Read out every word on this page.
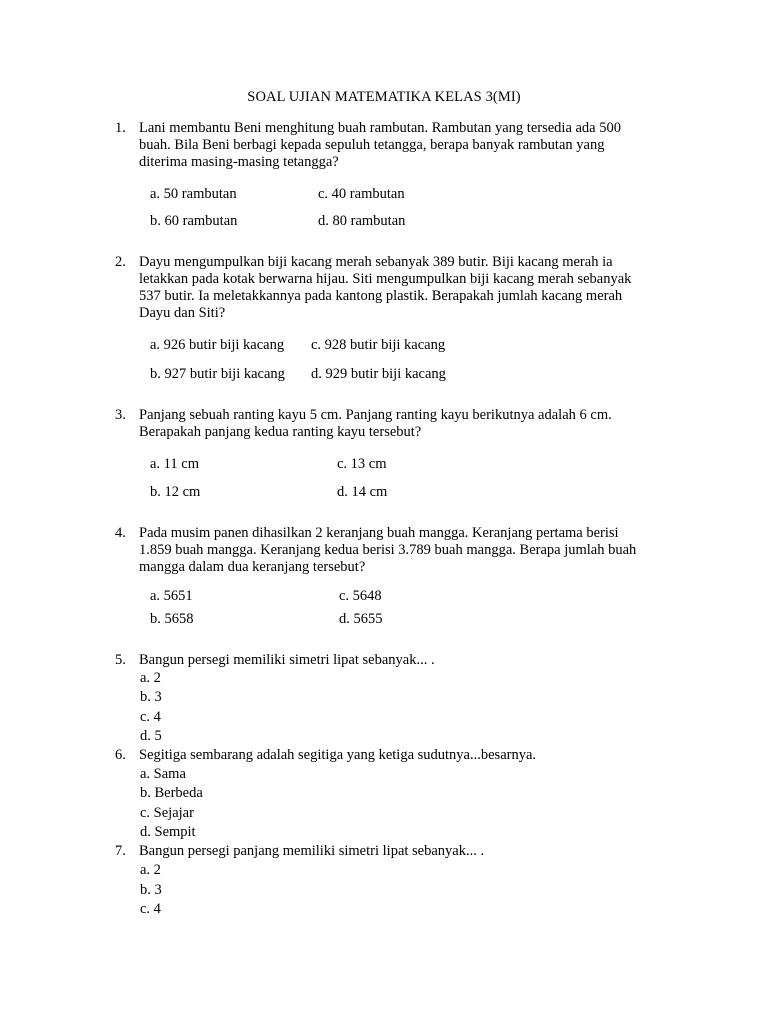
SOAL UJIAN MATEMATIKA KELAS 3(MI)
1. Lani membantu Beni menghitung buah rambutan. Rambutan yang tersedia ada 500
buah. Bila Beni berbagi kepada sepuluh tetangga, berapa banyak rambutan yang
diterima masing-masing tetangga?
a. 50 rambutan
b. 60 rambutan
c. 40 rambutan
d. 80 rambutan
2. Dayu mengumpulkan biji kacang merah sebanyak 389 butir. Biji kacang merah ia
letakkan pada kotak berwarna hijau. Siti mengumpulkan biji kacang merah sebanyak
537 butir. Ia meletakkannya pada kantong plastik. Berapakah jumlah kacang merah
Dayu dan Siti?
a. 926 butir biji kacang
b. 927 butir biji kacang
c. 928 butir biji kacang
d. 929 butir biji kacang
3. Panjang sebuah ranting kayu 5 cm. Panjang ranting kayu berikutnya adalah 6 cm.
Berapakah panjang kedua ranting kayu tersebut?
a. 11 cm
b. 12 cm
c. 13 cm
d. 14 cm
4. Pada musim panen dihasilkan 2 keranjang buah mangga. Keranjang pertama berisi
1.859 buah mangga. Keranjang kedua berisi 3.789 buah mangga. Berapa jumlah buah
mangga dalam dua keranjang tersebut?
a. 5651
b. 5658
c. 5648
d. 5655
5. Bangun persegi memiliki simetri lipat sebanyak... .
a. 2
b. 3
c. 4
d. 5
6. Segitiga sembarang adalah segitiga yang ketiga sudutnya...besarnya.
a. Sama
b. Berbeda
c. Sejajar
d. Sempit
7. Bangun persegi panjang memiliki simetri lipat sebanyak... .
a. 2
b. 3
c. 4
